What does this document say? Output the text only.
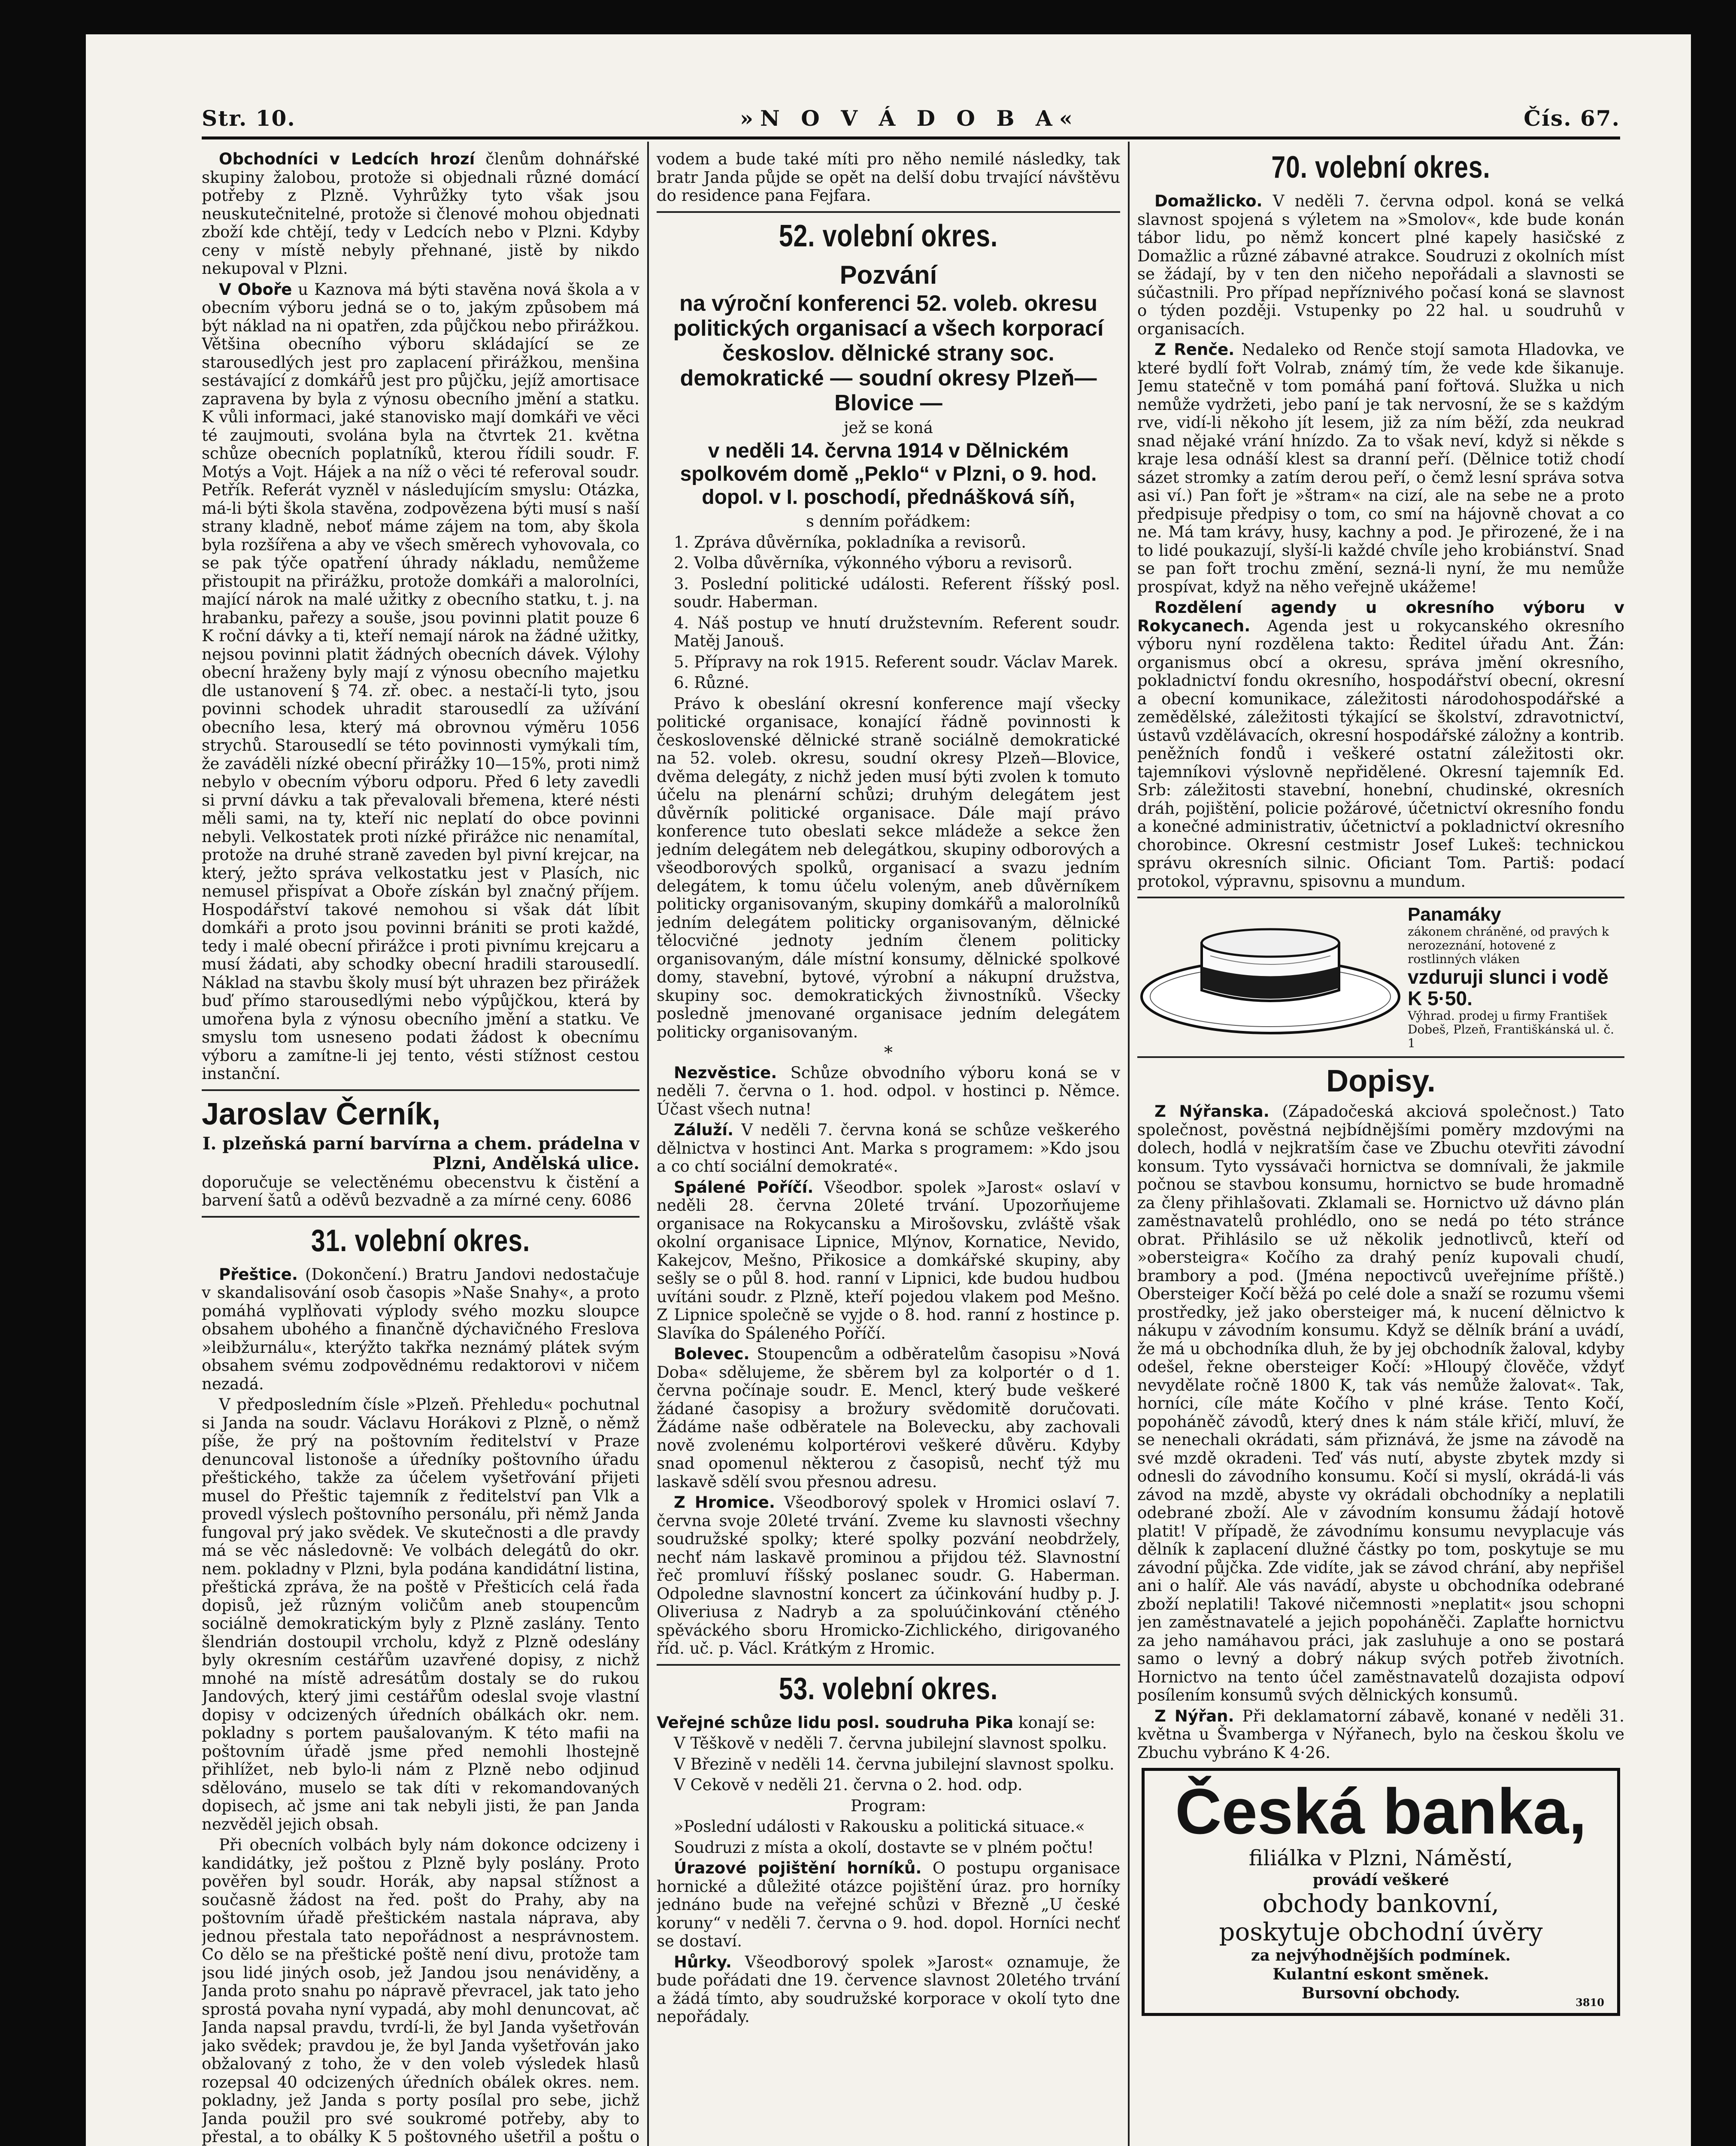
Str. 10.	»N O V Á D O B A«	Čís. 67.

Obchodníci v Ledcích hrozí členům dohnářské skupiny žalobou, protože si objednali různé domácí potřeby z Plzně. Vyhrůžky tyto však jsou neuskutečnitelné, protože si členové mohou objednati zboží kde chtějí, tedy v Ledcích nebo v Plzni. Kdyby ceny v místě nebyly přehnané, jistě by nikdo nekupoval v Plzni.

V Oboře u Kaznova má býti stavěna nová škola a v obecním výboru jedná se o to, jakým způsobem má být náklad na ni opatřen, zda půjčkou nebo přirážkou. Většina obecního výboru skládající se ze starousedlých jest pro zaplacení přirážkou, menšina sestávající z domkářů jest pro půjčku, jejíž amortisace zapravena by byla z výnosu obecního jmění a statku. K vůli informaci, jaké stanovisko mají domkáři ve věci té zaujmouti, svolána byla na čtvrtek 21. května schůze obecních poplatníků, kterou řídili soudr. F. Motýs a Vojt. Hájek a na níž o věci té referoval soudr. Petřík. Referát vyzněl v následujícím smyslu: Otázka, má-li býti škola stavěna, zodpovězena býti musí s naší strany kladně, neboť máme zájem na tom, aby škola byla rozšířena a aby ve všech směrech vyhovovala, co se pak týče opatření úhrady nákladu, nemůžeme přistoupit na přirážku, protože domkáři a malorolníci, mající nárok na malé užitky z obecního statku, t. j. na hrabanku, pařezy a souše, jsou povinni platit pouze 6 K roční dávky a ti, kteří nemají nárok na žádné užitky, nejsou povinni platit žádných obecních dávek. Výlohy obecní hraženy byly mají z výnosu obecního majetku dle ustanovení § 74. zř. obec. a nestačí-li tyto, jsou povinni schodek uhradit starousedlí za užívání obecního lesa, který má obrovnou výměru 1056 strychů. Starousedlí se této povinnosti vymýkali tím, že zaváděli nízké obecní přirážky 10—15%, proti nimž nebylo v obecním výboru odporu. Před 6 lety zavedli si první dávku a tak převalovali břemena, které nésti měli sami, na ty, kteří nic neplatí do obce povinni nebyli. Velkostatek proti nízké přirážce nic nenamítal, protože na druhé straně zaveden byl pivní krejcar, na který, ježto správa velkostatku jest v Plasích, nic nemusel přispívat a Oboře získán byl značný příjem. Hospodářství takové nemohou si však dát líbit domkáři a proto jsou povinni brániti se proti každé, tedy i malé obecní přirážce i proti pivnímu krejcaru a musí žádati, aby schodky obecní hradili starousedlí. Náklad na stavbu školy musí být uhrazen bez přirážek buď přímo starousedlými nebo výpůjčkou, která by umořena byla z výnosu obecního jmění a statku. Ve smyslu tom usneseno podati žádost k obecnímu výboru a zamítne-li jej tento, vésti stížnost cestou instanční.

Jaroslav Černík,
I. plzeňská parní barvírna a chem. prádelna v Plzni, Andělská ulice.

doporučuje se velectěnému obecenstvu k čistění a barvení šatů a oděvů bezvadně a za mírné ceny. 6086

31. volební okres.

Přeštice. (Dokončení.) Bratru Jandovi nedostačuje v skandalisování osob časopis »Naše Snahy«, a proto pomáhá vyplňovati výplody svého mozku sloupce obsahem ubohého a finančně dýchavičného Freslova »leibžurnálu«, kterýžto takřka neznámý plátek svým obsahem svému zodpovědnému redaktorovi v ničem nezadá.

V předposledním čísle »Plzeň. Přehledu« pochutnal si Janda na soudr. Václavu Horákovi z Plzně, o němž píše, že prý na poštovním ředitelství v Praze denuncoval listonoše a úředníky poštovního úřadu přeštického, takže za účelem vyšetřování přijeti musel do Přeštic tajemník z ředitelství pan Vlk a provedl výslech poštovního personálu, při němž Janda fungoval prý jako svědek. Ve skutečnosti a dle pravdy má se věc následovně: Ve volbách delegátů do okr. nem. pokladny v Plzni, byla podána kandidátní listina, přeštická zpráva, že na poště v Přešticích celá řada dopisů, jež různým voličům aneb stoupencům sociálně demokratickým byly z Plzně zaslány. Tento šlendrián dostoupil vrcholu, když z Plzně odeslány byly okresním cestářům uzavřené dopisy, z nichž mnohé na místě adresátům dostaly se do rukou Jandových, který jimi cestářům odeslal svoje vlastní dopisy v odcizených úředních obálkách okr. nem. pokladny s portem paušalovaným. K této mafii na poštovním úřadě jsme před nemohli lhostejně přihlížet, neb bylo-li nám z Plzně nebo odjinud sdělováno, muselo se tak díti v rekomandovaných dopisech, ač jsme ani tak nebyli jisti, že pan Janda nezvěděl jejich obsah.

Při obecních volbách byly nám dokonce odcizeny i kandidátky, jež poštou z Plzně byly poslány. Proto pověřen byl soudr. Horák, aby napsal stížnost a současně žádost na řed. pošt do Prahy, aby na poštovním úřadě přeštickém nastala náprava, aby jednou přestala tato nepořádnost a nesprávnostem. Co dělo se na přeštické poště není divu, protože tam jsou lidé jiných osob, jež Jandou jsou nenáviděny, a Janda proto snahu po nápravě převracel, jak tato jeho sprostá povaha nyní vypadá, aby mohl denuncovat, ač Janda napsal pravdu, tvrdí-li, že byl Janda vyšetřován jako svědek; pravdou je, že byl Janda vyšetřován jako obžalovaný z toho, že v den voleb výsledek hlasů rozepsal 40 odcizených úředních obálek okres. nem. pokladny, jež Janda s porty posílal pro sebe, jichž Janda použil pro své soukromé potřeby, aby to přestal, a to obálky K 5 poštovného ušetřil a poštu o

vodem a bude také míti pro něho nemilé následky, tak bratr Janda půjde se opět na delší dobu trvající návštěvu do residence pana Fejfara.

52. volební okres.
Pozvání
na výroční konferenci 52. voleb. okresu politických organisací a všech korporací českoslov. dělnické strany soc. demokratické — soudní okresy Plzeň—Blovice —

jež se koná

v neděli 14. června 1914 v Dělnickém spolkovém domě „Peklo“ v Plzni, o 9. hod. dopol. v I. poschodí, přednášková síň,

s denním pořádkem:

1. Zpráva důvěrníka, pokladníka a revisorů.

2. Volba důvěrníka, výkonného výboru a revisorů.

3. Poslední politické události. Referent říšský posl. soudr. Haberman.

4. Náš postup ve hnutí družstevním. Referent soudr. Matěj Janouš.

5. Přípravy na rok 1915. Referent soudr. Václav Marek.

6. Různé.

Právo k obeslání okresní konference mají všecky politické organisace, konající řádně povinnosti k československé dělnické straně sociálně demokratické na 52. voleb. okresu, soudní okresy Plzeň—Blovice, dvěma delegáty, z nichž jeden musí býti zvolen k tomuto účelu na plenární schůzi; druhým delegátem jest důvěrník politické organisace. Dále mají právo konference tuto obeslati sekce mládeže a sekce žen jedním delegátem neb delegátkou, skupiny odborových a všeodborových spolků, organisací a svazu jedním delegátem, k tomu účelu voleným, aneb důvěrníkem politicky organisovaným, skupiny domkářů a malorolníků jedním delegátem politicky organisovaným, dělnické tělocvičné jednoty jedním členem politicky organisovaným, dále místní konsumy, dělnické spolkové domy, stavební, bytové, výrobní a nákupní družstva, skupiny soc. demokratických živnostníků. Všecky posledně jmenované organisace jedním delegátem politicky organisovaným.

*

Nezvěstice. Schůze obvodního výboru koná se v neděli 7. června o 1. hod. odpol. v hostinci p. Němce. Účast všech nutna!

Záluží. V neděli 7. června koná se schůze veškerého dělnictva v hostinci Ant. Marka s programem: »Kdo jsou a co chtí sociální demokraté«.

Spálené Poříčí. Všeodbor. spolek »Jarost« oslaví v neděli 28. června 20leté trvání. Upozorňujeme organisace na Rokycansku a Mirošovsku, zvláště však okolní organisace Lipnice, Mlýnov, Kornatice, Nevido, Kakejcov, Mešno, Přikosice a domkářské skupiny, aby sešly se o půl 8. hod. ranní v Lipnici, kde budou hudbou uvítáni soudr. z Plzně, kteří pojedou vlakem pod Mešno. Z Lipnice společně se vyjde o 8. hod. ranní z hostince p. Slavíka do Spáleného Poříčí.

Bolevec. Stoupencům a odběratelům časopisu »Nová Doba« sdělujeme, že sběrem byl za kolportér o d 1. června počínaje soudr. E. Mencl, který bude veškeré žádané časopisy a brožury svědomitě doručovati. Žádáme naše odběratele na Bolevecku, aby zachovali nově zvolenému kolportérovi veškeré důvěru. Kdyby snad opomenul některou z časopisů, nechť týž mu laskavě sdělí svou přesnou adresu.

Z Hromice. Všeodborový spolek v Hromici oslaví 7. června svoje 20leté trvání. Zveme ku slavnosti všechny soudružské spolky; které spolky pozvání neobdržely, nechť nám laskavě prominou a přijdou též. Slavnostní řeč promluví říšský poslanec soudr. G. Haberman. Odpoledne slavnostní koncert za účinkování hudby p. J. Oliveriusa z Nadryb a za spoluúčinkování ctěného spěváckého sboru Hromicko-Zichlického, dirigovaného říd. uč. p. Václ. Krátkým z Hromic.

53. volební okres.

Veřejné schůze lidu posl. soudruha Pika konají se:

V Těškově v neděli 7. června jubilejní slavnost spolku.

V Březině v neděli 14. června jubilejní slavnost spolku.

V Cekově v neděli 21. června o 2. hod. odp.

Program:

»Poslední události v Rakousku a politická situace.«

Soudruzi z místa a okolí, dostavte se v plném počtu!

Úrazové pojištění horníků. O postupu organisace hornické a důležité otázce pojištění úraz. pro horníky jednáno bude na veřejné schůzi v Březně „U české koruny“ v neděli 7. června o 9. hod. dopol. Horníci nechť se dostaví.

Hůrky. Všeodborový spolek »Jarost« oznamuje, že bude pořádati dne 19. července slavnost 20letého trvání a žádá tímto, aby soudružské korporace v okolí tyto dne nepořádaly.

70. volební okres.

Domažlicko. V neděli 7. června odpol. koná se velká slavnost spojená s výletem na »Smolov«, kde bude konán tábor lidu, po němž koncert plné kapely hasičské z Domažlic a různé zábavné atrakce. Soudruzi z okolních míst se žádají, by v ten den ničeho nepořádali a slavnosti se súčastnili. Pro případ nepříznivého počasí koná se slavnost o týden později. Vstupenky po 22 hal. u soudruhů v organisacích.

Z Renče. Nedaleko od Renče stojí samota Hladovka, ve které bydlí fořt Volrab, známý tím, že vede kde šikanuje. Jemu statečně v tom pomáhá paní fořtová. Služka u nich nemůže vydržeti, jebo paní je tak nervosní, že se s každým rve, vidí-li někoho jít lesem, již za ním běží, zda neukrad snad nějaké vrání hnízdo. Za to však neví, když si někde s kraje lesa odnáší klest sa dranní peří. (Dělnice totiž chodí sázet stromky a zatím derou peří, o čemž lesní správa sotva asi ví.) Pan fořt je »štram« na cizí, ale na sebe ne a proto předpisuje předpisy o tom, co smí na hájovně chovat a co ne. Má tam krávy, husy, kachny a pod. Je přirozené, že i na to lidé poukazují, slyší-li každé chvíle jeho krobiánství. Snad se pan fořt trochu změní, sezná-li nyní, že mu nemůže prospívat, když na něho veřejně ukážeme!

Rozdělení agendy u okresního výboru v Rokycanech. Agenda jest u rokycanského okresního výboru nyní rozdělena takto: Ředitel úřadu Ant. Žán: organismus obcí a okresu, správa jmění okresního, pokladnictví fondu okresního, hospodářství obecní, okresní a obecní komunikace, záležitosti národohospodářské a zemědělské, záležitosti týkající se školství, zdravotnictví, ústavů vzdělávacích, okresní hospodářské záložny a kontrib. peněžních fondů i veškeré ostatní záležitosti okr. tajemníkovi výslovně nepřidělené. Okresní tajemník Ed. Srb: záležitosti stavební, honební, chudinské, okresních dráh, pojištění, policie požárové, účetnictví okresního fondu a konečné administrativ, účetnictví a pokladnictví okresního chorobince. Okresní cestmistr Josef Lukeš: technickou správu okresních silnic. Oficiant Tom. Partiš: podací protokol, výpravnu, spisovnu a mundum.

Panamáky
zákonem chráněné, od pravých k nerozeznání, hotovené z rostlinných vláken
vzduruji slunci i vodě K 5·50.
Výhrad. prodej u firmy František Dobeš, Plzeň, Františkánská ul. č. 1
Dopisy.

Z Nýřanska. (Západočeská akciová společnost.) Tato společnost, pověstná nejbídnějšími poměry mzdovými na dolech, hodlá v nejkratším čase ve Zbuchu otevřiti závodní konsum. Tyto vyssávači hornictva se domnívali, že jakmile počnou se stavbou konsumu, hornictvo se bude hromadně za členy přihlašovati. Zklamali se. Hornictvo už dávno plán zaměstnavatelů prohlédlo, ono se nedá po této stránce obrat. Přihlásilo se už několik jednotlivců, kteří od »obersteigra« Kočího za drahý peníz kupovali chudí, brambory a pod. (Jména nepoctivců uveřejníme příště.) Obersteiger Kočí běžá po celé dole a snaží se rozumu všemi prostředky, jež jako obersteiger má, k nucení dělnictvo k nákupu v závodním konsumu. Když se dělník brání a uvádí, že má u obchodníka dluh, že by jej obchodník žaloval, kdyby odešel, řekne obersteiger Kočí: »Hloupý člověče, vždyť nevydělate ročně 1800 K, tak vás nemůže žalovat«. Tak, horníci, cíle máte Kočího v plné kráse. Tento Kočí, popoháněč závodů, který dnes k nám stále křičí, mluví, že se nenechali okrádati, sám přiznává, že jsme na závodě na své mzdě okradeni. Teď vás nutí, abyste zbytek mzdy si odnesli do závodního konsumu. Kočí si myslí, okrádá-li vás závod na mzdě, abyste vy okrádali obchodníky a neplatili odebrané zboží. Ale v závodním konsumu žádají hotově platit! V případě, že závodnímu konsumu nevyplacuje vás dělník k zaplacení dlužné částky po tom, poskytuje se mu závodní půjčka. Zde vidíte, jak se závod chrání, aby nepřišel ani o halíř. Ale vás navádí, abyste u obchodníka odebrané zboží neplatili! Takové ničemnosti »neplatit« jsou schopni jen zaměstnavatelé a jejich popoháněči. Zaplaťte hornictvu za jeho namáhavou práci, jak zasluhuje a ono se postará samo o levný a dobrý nákup svých potřeb životních. Hornictvo na tento účel zaměstnavatelů dozajista odpoví posílením konsumů svých dělnických konsumů.

Z Nýřan. Při deklamatorní zábavě, konané v neděli 31. května u Švamberga v Nýřanech, bylo na českou školu ve Zbuchu vybráno K 4·26.

Česká banka,
filiálka v Plzni, Náměstí,
provádí veškeré
obchody bankovní,
poskytuje obchodní úvěry
za nejvýhodnějších podmínek.
Kulantní eskont směnek.
Bursovní obchody.
3810
